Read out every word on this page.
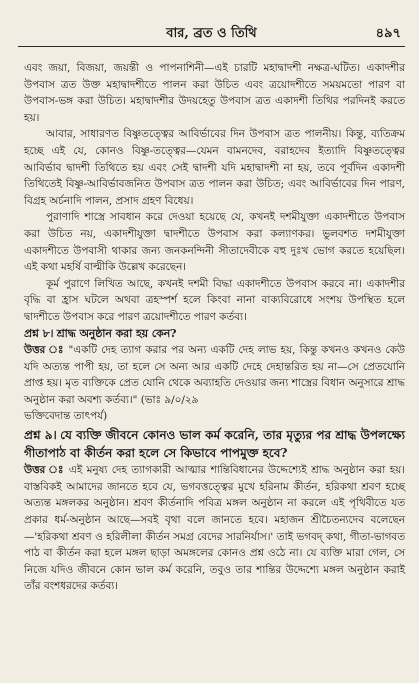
বার, ব্রত ও তিথি	৪৯৭

এবং জয়া, বিজয়া, জয়ন্তী ও পাপনাশিনী—এই চারটি মহাদ্বাদশী নক্ষত্র-ঘটিত। একাদশীর উপবাস ত্রত উক্ত মহাদ্বাদশীতে পালন করা উচিত এবং ত্রয়োদশীতে সময়মতো পারণ বা উপবাস-ভঙ্গ করা উচিত। মহাদ্বাদশীর উদয়হেতু উপবাস ত্রত একাদশী তিথির পরদিনই করতে হয়।

আবার, সাধারণত বিষ্ণুতত্ত্বের আবির্ভাবের দিন উপবাস ত্রত পালনীয়। কিন্তু, ব্যতিক্রম হচ্ছে এই যে, কোনও বিষ্ণু-তত্ত্বের—যেমন বামনদেব, বরাহদেব ইত্যাদি বিষ্ণুতত্ত্বের আবির্ভাব দ্বাদশী তিথিতে হয় এবং সেই দ্বাদশী যদি মহাদ্বাদশী না হয়, তবে পূর্বদিন একাদশী তিথিতেই বিষ্ণু-আবির্ভাবজনিত উপবাস ত্রত পালন করা উচিত; এবং আবির্ভাবের দিন পারণ, বিগ্রহ অর্চনাদি পালন, প্রসাদ গ্রহণ বিধেয়।

পুরাণাদি শাস্ত্রে সাবধান করে দেওয়া হয়েছে যে, কখনই দশমীযুক্তা একাদশীতে উপবাস করা উচিত নয়, একাদশীযুক্তা দ্বাদশীতে উপবাস করা কল্যাণকর। ভুলবশত দশমীযুক্তা একাদশীতে উপবাসী থাকার জন্য জনকনন্দিনী সীতাদেবীকে বহু দুঃখ ভোগ করতে হয়েছিল। এই কথা মহর্ষি বাল্মীকি উল্লেখ করেছেন।

কূর্ম পুরাণে লিখিত আছে, কখনই দশমী বিদ্ধা একাদশীতে উপবাস করবে না। একাদশীর বৃদ্ধি বা হ্রাস ঘটলে অথবা ত্রহস্পর্শ হলে কিংবা নানা বাক্যবিরোধে সংশয় উপস্থিত হলে দ্বাদশীতে উপবাস করে পারণ ত্রয়োদশীতে পারণ কর্তব্য।

প্রশ্ন ৮। শ্রাদ্ধ অনুষ্ঠান করা হয় কেন?

উত্তর ঃ "একটি দেহ ত্যাগ করার পর অন্য একটি দেহ লাভ হয়, কিন্তু কখনও কখনও কেউ যদি অত্যন্ত পাপী হয়, তা হলে সে অন্য আর একটি দেহে দেহান্তরিত হয় না—সে প্রেতযোনি প্রাপ্ত হয়। মৃত ব্যক্তিকে প্রেত যোনি থেকে অব্যাহতি দেওয়ার জন্য শাস্ত্রের বিধান অনুসারে শ্রাদ্ধ অনুষ্ঠান করা অবশ্য কর্তব্য।" (ভাঃ ৯/০/২৯

ভক্তিবেদান্ত তাৎপর্য)

প্রশ্ন ৯। যে ব্যক্তি জীবনে কোনও ভাল কর্ম করেনি, তার মৃত্যুর পর শ্রাদ্ধ উপলক্ষ্যে গীতাপাঠ বা কীর্তন করা হলে সে কিভাবে পাপমুক্ত হবে?

উত্তর ঃ এই মনুষ্য দেহ ত্যাগকারী আত্মার শান্তিবিধানের উদ্দেশ্যেই শ্রাদ্ধ অনুষ্ঠান করা হয়। বাস্তবিকই আমাদের জানতে হবে যে, ভগবত্তত্ত্বের মুখে হরিনাম কীর্তন, হরিকথা শ্রবণ হচ্ছে অত্যন্ত মঙ্গলকর অনুষ্ঠান। শ্রবণ কীর্তনাদি পবিত্র মঙ্গল অনুষ্ঠান না করলে এই পৃথিবীতে যত প্রকার ধর্ম-অনুষ্ঠান আছে—সবই বৃথা বলে জানতে হবে। মহাজন শ্রীচৈতন্যদেব বলেছেন—'হরিকথা শ্রবণ ও হরিলীলা কীর্তন সমগ্র বেদের সারনির্যাস।' তাই ভগবদ্ কথা, গীতা-ভাগবত পাঠ বা কীর্তন করা হলে মঙ্গল ছাড়া অমঙ্গলের কোনও প্রশ্ন ওঠে না। যে ব্যক্তি মারা গেল, সে নিজে যদিও জীবনে কোন ভাল কর্ম করেনি, তবুও তার শান্তির উদ্দেশ্যে মঙ্গল অনুষ্ঠান করাই তাঁর বংশধরদের কর্তব্য।
